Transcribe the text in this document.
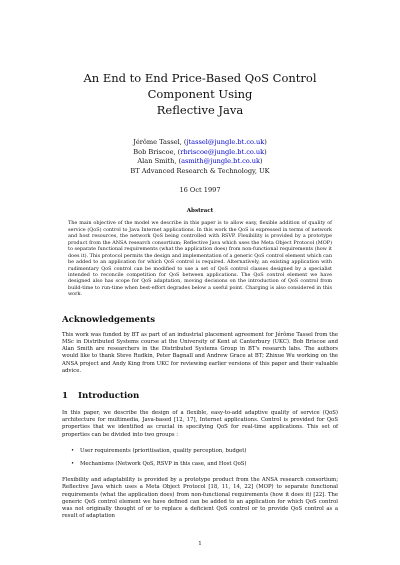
An End to End Price-Based QoS Control Component Using
Reflective Java
Jérôme Tassel, (jtassel@jungle.bt.co.uk)
Bob Briscoe, (rbriscoe@jungle.bt.co.uk)
Alan Smith, (asmith@jungle.bt.co.uk)
BT Advanced Research & Technology, UK
16 Oct 1997
Abstract

The main objective of the model we describe in this paper is to allow easy, flexible addition of quality of service (QoS) control to Java Internet applications. In this work the QoS is expressed in terms of network and host resources, the network QoS being controlled with RSVP. Flexibility is provided by a prototype product from the ANSA research consortium; Reflective Java which uses the Meta Object Protocol (MOP) to separate functional requirements (what the application does) from non-functional requirements (how it does it). This protocol permits the design and implementation of a generic QoS control element which can be added to an application for which QoS control is required. Alternatively, an existing application with rudimentary QoS control can be modified to use a set of QoS control classes designed by a specialist intended to reconcile competition for QoS between applications. The QoS control element we have designed also has scope for QoS adaptation, moving decisions on the introduction of QoS control from build-time to run-time when best-effort degrades below a useful point. Charging is also considered in this work.

Acknowledgements

This work was funded by BT as part of an industrial placement agreement for Jérôme Tassel from the MSc in Distributed Systems course at the University of Kent at Canterbury (UKC). Bob Briscoe and Alan Smith are researchers in the Distributed Systems Group in BT's research labs. The authors would like to thank Steve Rudkin, Peter Bagnall and Andrew Grace at BT; Zhixue Wu working on the ANSA project and Andy King from UKC for reviewing earlier versions of this paper and their valuable advice.

1 Introduction

In this paper, we describe the design of a flexible, easy-to-add adaptive quality of service (QoS) architecture for multimedia, Java-based [12, 17], Internet applications. Control is provided for QoS properties that we identified as crucial in specifying QoS for real-time applications. This set of properties can be divided into two groups :

• User requirements (prioritisation, quality perception, budget)
• Mechanisms (Network QoS, RSVP in this case, and Host QoS)

Flexibility and adaptability is provided by a prototype product from the ANSA research consortium; Reflective Java which uses a Meta Object Protocol [18, 11, 14, 22] (MOP) to separate functional requirements (what the application does) from non-functional requirements (how it does it) [22]. The generic QoS control element we have defined can be added to an application for which QoS control was not originally thought of or to replace a deficient QoS control or to provide QoS control as a result of adaptation

1
